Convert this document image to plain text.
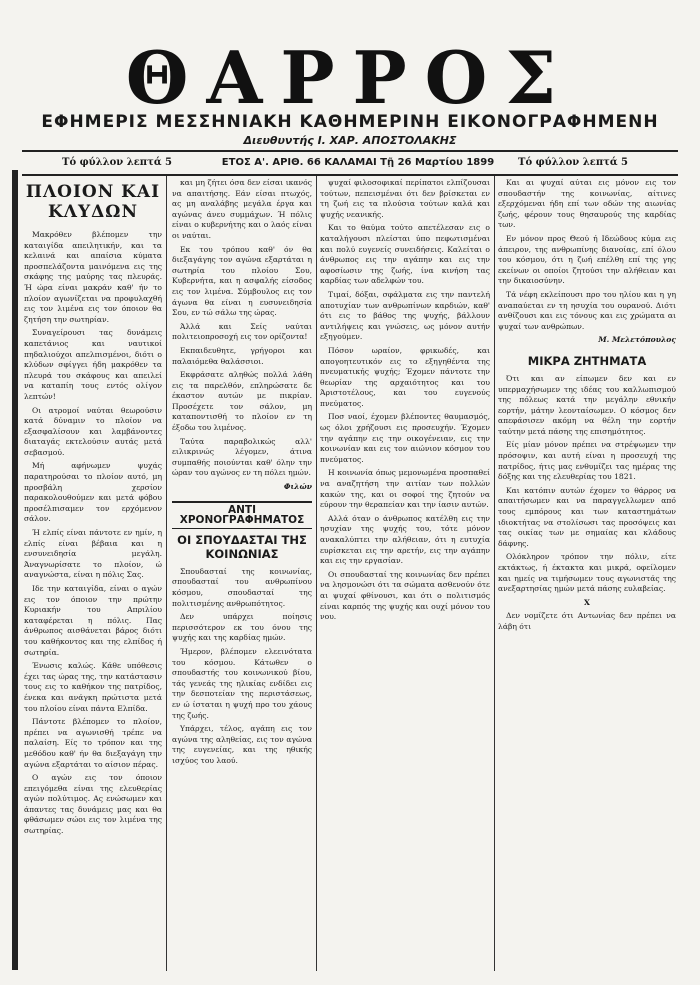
ΘΑΡΡΟΣ
ΕΦΗΜΕΡΙΣ ΜΕΣΣΗΝΙΑΚΗ ΚΑΘΗΜΕΡΙΝΗ ΕΙΚΟΝΟΓΡΑΦΗΜΕΝΗ
Διευθυντής Ι. ΧΑΡ. ΑΠΟΣΤΟΛΑΚΗΣ
Τό φύλλον λεπτά 5	ΕΤΟΣ Α'. ΑΡΙΘ. 66 ΚΑΛΑΜΑΙ Τῇ 26 Μαρτίου 1899	Τό φύλλον λεπτά 5
ΠΛΟΙΟΝ ΚΑΙ ΚΛΥΔΩΝ

Μακρόθεν βλέπομεν την καταιγίδα απειλητικήν, και τα κελαινά και απαίσια κύματα προσπελάζοντα μαινόμενα εις της σκάφης της μαύρης τας πλευράς. Ή ώρα είναι μακράν καθ' ήν το πλοίον αγωνίζεται να προφυλαχθή εις τον λιμένα εις τον όποιον θα ζητήση την σωτηρίαν.

Συναγείρουσι τας δυνάμεις καπετάνιος και ναυτικοί πηδαλιούχοι απελπισμένοι, διότι ο κλύδων σφίγγει ήδη μακρόθεν τα πλευρά του σκάφους και απειλεί να καταπίη τους εντός ολίγον λεπτών!

Οι ατρομοί ναύται θεωρούσιν κατά δύναμιν το πλοίον να εξασφαλίσουν και λαμβάνοντες διαταγάς εκτελούσιν αυτάς μετά σεβασμού.

Μή αφήνωμεν ψυχάς παρατηρούσαι το πλοίον αυτό, μη προσβάλη χερσίον παρακολουθούμεν και μετά φόβου προσέλπισαμεν τον ερχόμενον σάλον.

Ή ελπίς είναι πάντοτε εν ημίν, η ελπίς είναι βέβαια και η ενσυνειδησία μεγάλη. Άναγνωρίσατε το πλοίον, ώ αναγνώστα, είναι η πόλις Σας.

Ιδε την καταιγίδα, είναι ο αγών εις τον όποιον την πρώτην Κυριακήν του Απριλίου καταφέρεται η πόλις. Πας άνθρωπος αισθάνεται βάρος διότι του καθήκοντος και της ελπίδος ή σωτηρία.

Ένωσις καλώς. Κάθε υπόθεσις έχει τας ώρας της, την κατάστασιν τους εις το καθήκον της πατρίδος, ένεκα και ανάγκη πρώτιστα μετά του πλοίου είναι πάντα Ελπίδα.

Πάντοτε βλέπομεν το πλοίον, πρέπει να αγωνισθή τρέπε να παλαίση. Είς το τρόπον και της μεθόδου καθ' ήν θα διεξαγάγη την αγώνα εξαρτάται το αίσιον πέρας.

Ο αγών εις τον όποιον επειγόμεθα είναι της ελευθερίας αγών πολύτιμος. Ας ενώσωμεν και άπαντες τας δυνάμεις μας και θα φθάσωμεν σώοι εις τον λιμένα της σωτηρίας.

και μη ζήτει όσα δεν είσαι ικανός να απαιτήσης. Εάν είσαι πτωχός, ας μη αναλάβης μεγάλα έργα και αγώνας άνευ συμμάχων. Ή πόλις είναι ο κυβερνήτης και ο λαός είναι οι ναύται.

Εκ του τρόπου καθ' όν θα διεξαγάγης τον αγώνα εξαρτάται η σωτηρία του πλοίου Σου, Κυβερνήτα, και η ασφαλής είσοδος εις τον λιμένα. Σύμβουλος εις τον άγωνα θα είναι η ευσυνειδησία Σου, εν τώ σάλω της ώρας.

Άλλά και Σείς ναύται πολιτειοπροσοχή εις τον ορίζοντα!

Εκπαιδευθητε, γρήγοροι και παλαιόμεθα θαλάσσιοι.

Εκφράσατε αληθώς πολλά λάθη εις τα παρελθόν, επληρώσατε δε έκαστον αυτών με πικρίαν. Προσέχετε τον σάλον, μη καταποντισθή το πλοίον εν τη έξοδω του λιμένος.

Ταύτα παραβολικώς αλλ' ειλικρινώς λέγομεν, άτινα συμπαθής ποιούνται καθ' όλην την ώραν του αγώνος εν τη πόλει ημών.

Φιλών

ΑΝΤΙ ΧΡΟΝΟΓΡΑΦΗΜΑΤΟΣ
ΟΙ ΣΠΟΥΔΑΣΤΑΙ ΤΗΣ ΚΟΙΝΩΝΙΑΣ

Σπουδασταί της κοινωνίας, σπουδασταί του ανθρωπίνου κόσμου, σπουδασταί της πολιτισμένης ανθρωπότητος.

Δεν υπάρχει ποίησις περισσότερον εκ του όνου της ψυχής και της καρδίας ημών.

Ήμερον, βλέπομεν ελεεινότατα του κόσμου. Κάτωθεν ο σπουδαστής του κοινωνικού βίου, τάς γενεάς της ηλικίας ενδίδει εις την δεσποτείαν της περιστάσεως, εν ώ ίσταται η ψυχή προ του χάους της ζωής.

Υπάρχει, τέλος, αγάπη εις τον αγώνα της αληθείας, εις τον αγώνα της ευγενείας, και της ηθικής ισχύος του λαού.

ψυχαί φιλοσοφικαί περίπατοι ελπίζουσαι τούτων, πεπεισμέναι ότι δεν βρίσκεται εν τη ζωή εις τα πλούσια τούτων καλά και ψυχής νεανικής.

Και το θαύμα τούτο απετέλεσαν εις ο καταλήγουσι πλείσται ύπο πεφωτισμέναι και πολύ ευγενείς συνειδήσεις. Καλείται ο άνθρωπος εις την αγάπην και εις την αφοσίωσιν της ζωής, ίνα κινήση τας καρδίας των αδελφών του.

Τιμαί, δόξαι, σφάλματα εις την παντελή αποτυχίαν των ανθρωπίνων καρδιών, καθ' ότι εις το βάθος της ψυχής, βάλλουν αντιλήψεις και γνώσεις, ως μόνον αυτήν εξηγούμεν.

Πόσον ωραίον, φρικωδές, και απογοητευτικόν εις το εξηγηθέντα της πνευματικής ψυχής; Έχομεν πάντοτε την θεωρίαν της αρχαιότητος και του Άριστοτέλους, και του ευγενούς πνεύματος.

Ποσ ναοί, έχομεν βλέποντες θαυμασμός, ως όλοι χρήζουσι εις προσευχήν. Έχομεν την αγάπην εις την οικογένειαν, εις την κοινωνίαν και εις τον αιώνιον κόσμον του πνεύματος.

Η κοινωνία όπως μεμονωμένα προσπαθεί να αναζητήση την αιτίαν των πολλών κακών της, και οι σοφοί της ζητούν να εύρουν την θεραπείαν και την ίασιν αυτών.

Αλλά όταν ο άνθρωπος κατέλθη εις την ησυχίαν της ψυχής του, τότε μόνον ανακαλύπτει την αλήθειαν, ότι η ευτυχία ευρίσκεται εις την αρετήν, εις την αγάπην και εις την εργασίαν.

Οι σπουδασταί της κοινωνίας δεν πρέπει να λησμονώσι ότι τα σώματα ασθενούν ότε αι ψυχαί φθίνουσι, και ότι ο πολιτισμός είναι καρπός της ψυχής και ουχί μόνον του νου.

Και αι ψυχαί αύται εις μόνον εις τον σπουδαστήν της κοινωνίας, αίτινες εξερχόμεναι ήδη επί των οδών της αιωνίας ζωής, φέρουν τους θησαυρούς της καρδίας των.

Εν μόνον προς Θεού ή Ιδεώδους κύμα εις άπειρον, της ανθρωπίνης διανοίας, επί όλου του κόσμου, ότι η ζωή επέλθη επί της γης εκείνων οι οποίοι ζητούσι την αλήθειαν και την δικαιοσύνην.

Τά νέφη εκλείπουσι προ του ηλίου και η γη αναπαύεται εν τη ησυχία του ουρανού. Διότι ανθίζουσι και εις τόνους και εις χρώματα αι ψυχαί των ανθρώπων.

Μ. Μελετόπουλος

ΜΙΚΡΑ ΖΗΤΗΜΑΤΑ

Ότι και αν είπωμεν δεν και εν υπερμαχήσωμεν της ιδέας του καλλωπισμού της πόλεως κατά την μεγάλην εθνικήν εορτήν, μάτην λεονταίσωμεν. Ο κόσμος δεν απεφάσισεν ακόμη να θέλη την εορτήν ταύτην μετά πάσης της επισημότητος.

Είς μίαν μόνον πρέπει να στρέψωμεν την πρόσοψιν, και αυτή είναι η προσευχή της πατρίδος, ήτις μας ενθυμίζει τας ημέρας της δόξης και της ελευθερίας του 1821.

Και κατόπιν αυτών έχομεν το θάρρος να απαιτήσωμεν και να παραγγελλωμεν από τους εμπόρους και των καταστημάτων ιδιοκτήτας να στολίσωσι τας προσόψεις και τας οικίας των με σημαίας και κλάδους δάφνης.

Ολόκληρον τρόπον την πόλιν, είτε εκτάκτως, ή έκτακτα και μικρά, οφείλομεν και ημείς να τιμήσωμεν τους αγωνιστάς της ανεξαρτησίας ημών μετά πάσης ευλαβείας.

Χ

Δεν νομίζετε ότι Αντωνίας δεν πρέπει να λάβη ότι
